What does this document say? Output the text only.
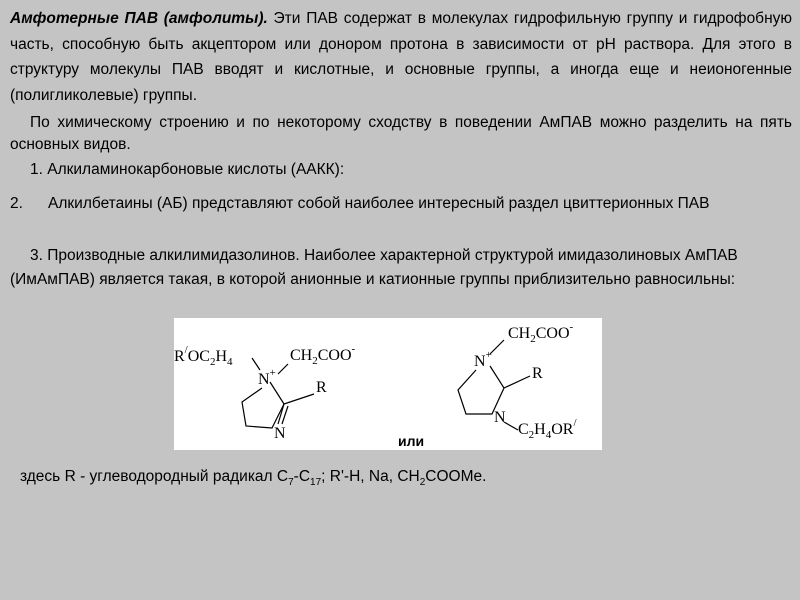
Амфотерные ПАВ (амфолиты). Эти ПАВ содержат в молекулах гидрофильную группу и гидрофобную часть, способную быть акцептором или донором протона в зависимости от рН раствора. Для этого в структуру молекулы ПАВ вводят и кислотные, и основные группы, а иногда еще и неионогенные (полигликолевые) группы.
По химическому строению и по некоторому сходству в поведении АмПАВ можно разделить на пять основных видов.
1. Алкиламинокарбоновые кислоты (ААКК):
2. Алкилбетаины (АБ) представляют собой наиболее интересный раздел цвиттерионных ПАВ
3. Производные алкилимидазолинов. Наиболее характерной структурой имидазолиновых АмПАВ (ИмАмПАВ) является такая, в которой анионные и катионные группы приблизительно равносильны:
$R^/OC_2H_4$
N+
$CH_2COO^-$
R
N
$CH_2COO^-$
N+
R
N
$C_2H_4OR^/$
или
здесь R - углеводородный радикал $С_7-С_{17}$; R'-H, Na, $CH_2COOMe$.
